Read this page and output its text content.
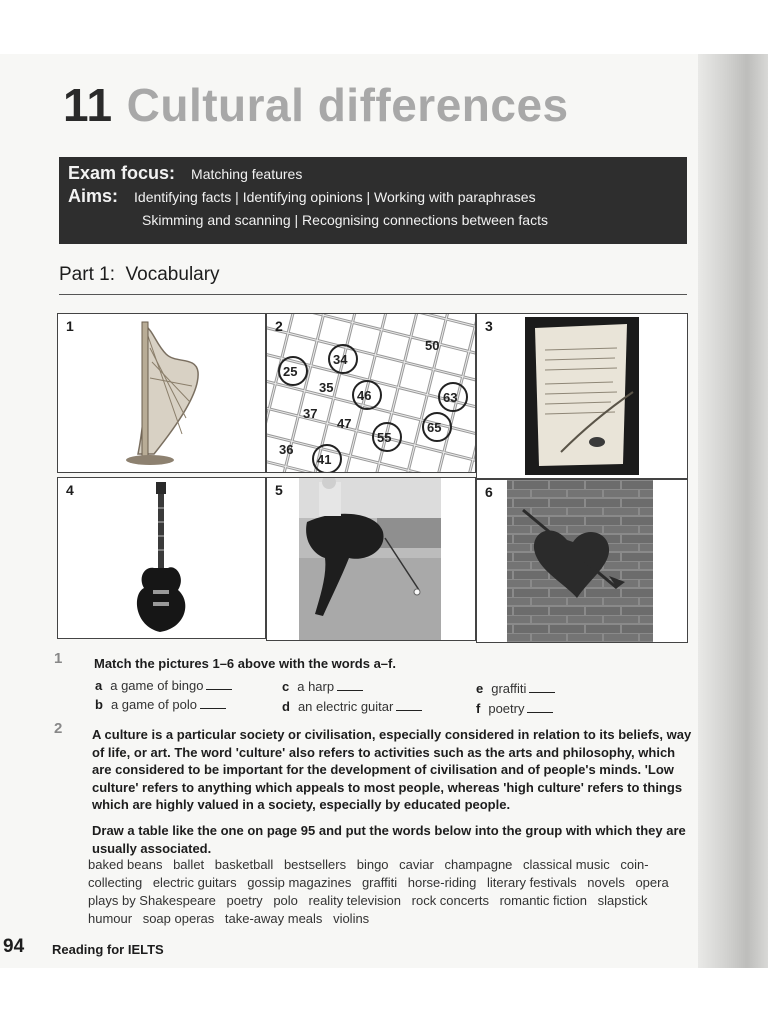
11 Cultural differences
Exam focus: Matching features
Aims: Identifying facts | Identifying opinions | Working with paraphrases
Skimming and scanning | Recognising connections between facts
Part 1: Vocabulary
1
34
50
25
35
46	63
37
47
55
65
36
41
2	3
4	5	6
1 Match the pictures 1–6 above with the words a–f.
a a game of bingo
b a game of polo
c a harp
d an electric guitar
e graffiti
f poetry
2 A culture is a particular society or civilisation, especially considered in relation to its beliefs, way of life, or art. The word 'culture' also refers to activities such as the arts and philosophy, which are considered to be important for the development of civilisation and of people's minds. 'Low culture' refers to anything which appeals to most people, whereas 'high culture' refers to things which are highly valued in a society, especially by educated people.

Draw a table like the one on page 95 and put the words below into the group with which they are usually associated.

baked beans ballet basketball bestsellers bingo caviar champagne classical music coin-collecting electric guitars gossip magazines graffiti horse-riding literary festivals novels opera plays by Shakespeare poetry polo reality television rock concerts romantic fiction slapstick humour soap operas take-away meals violins

94 Reading for IELTS
